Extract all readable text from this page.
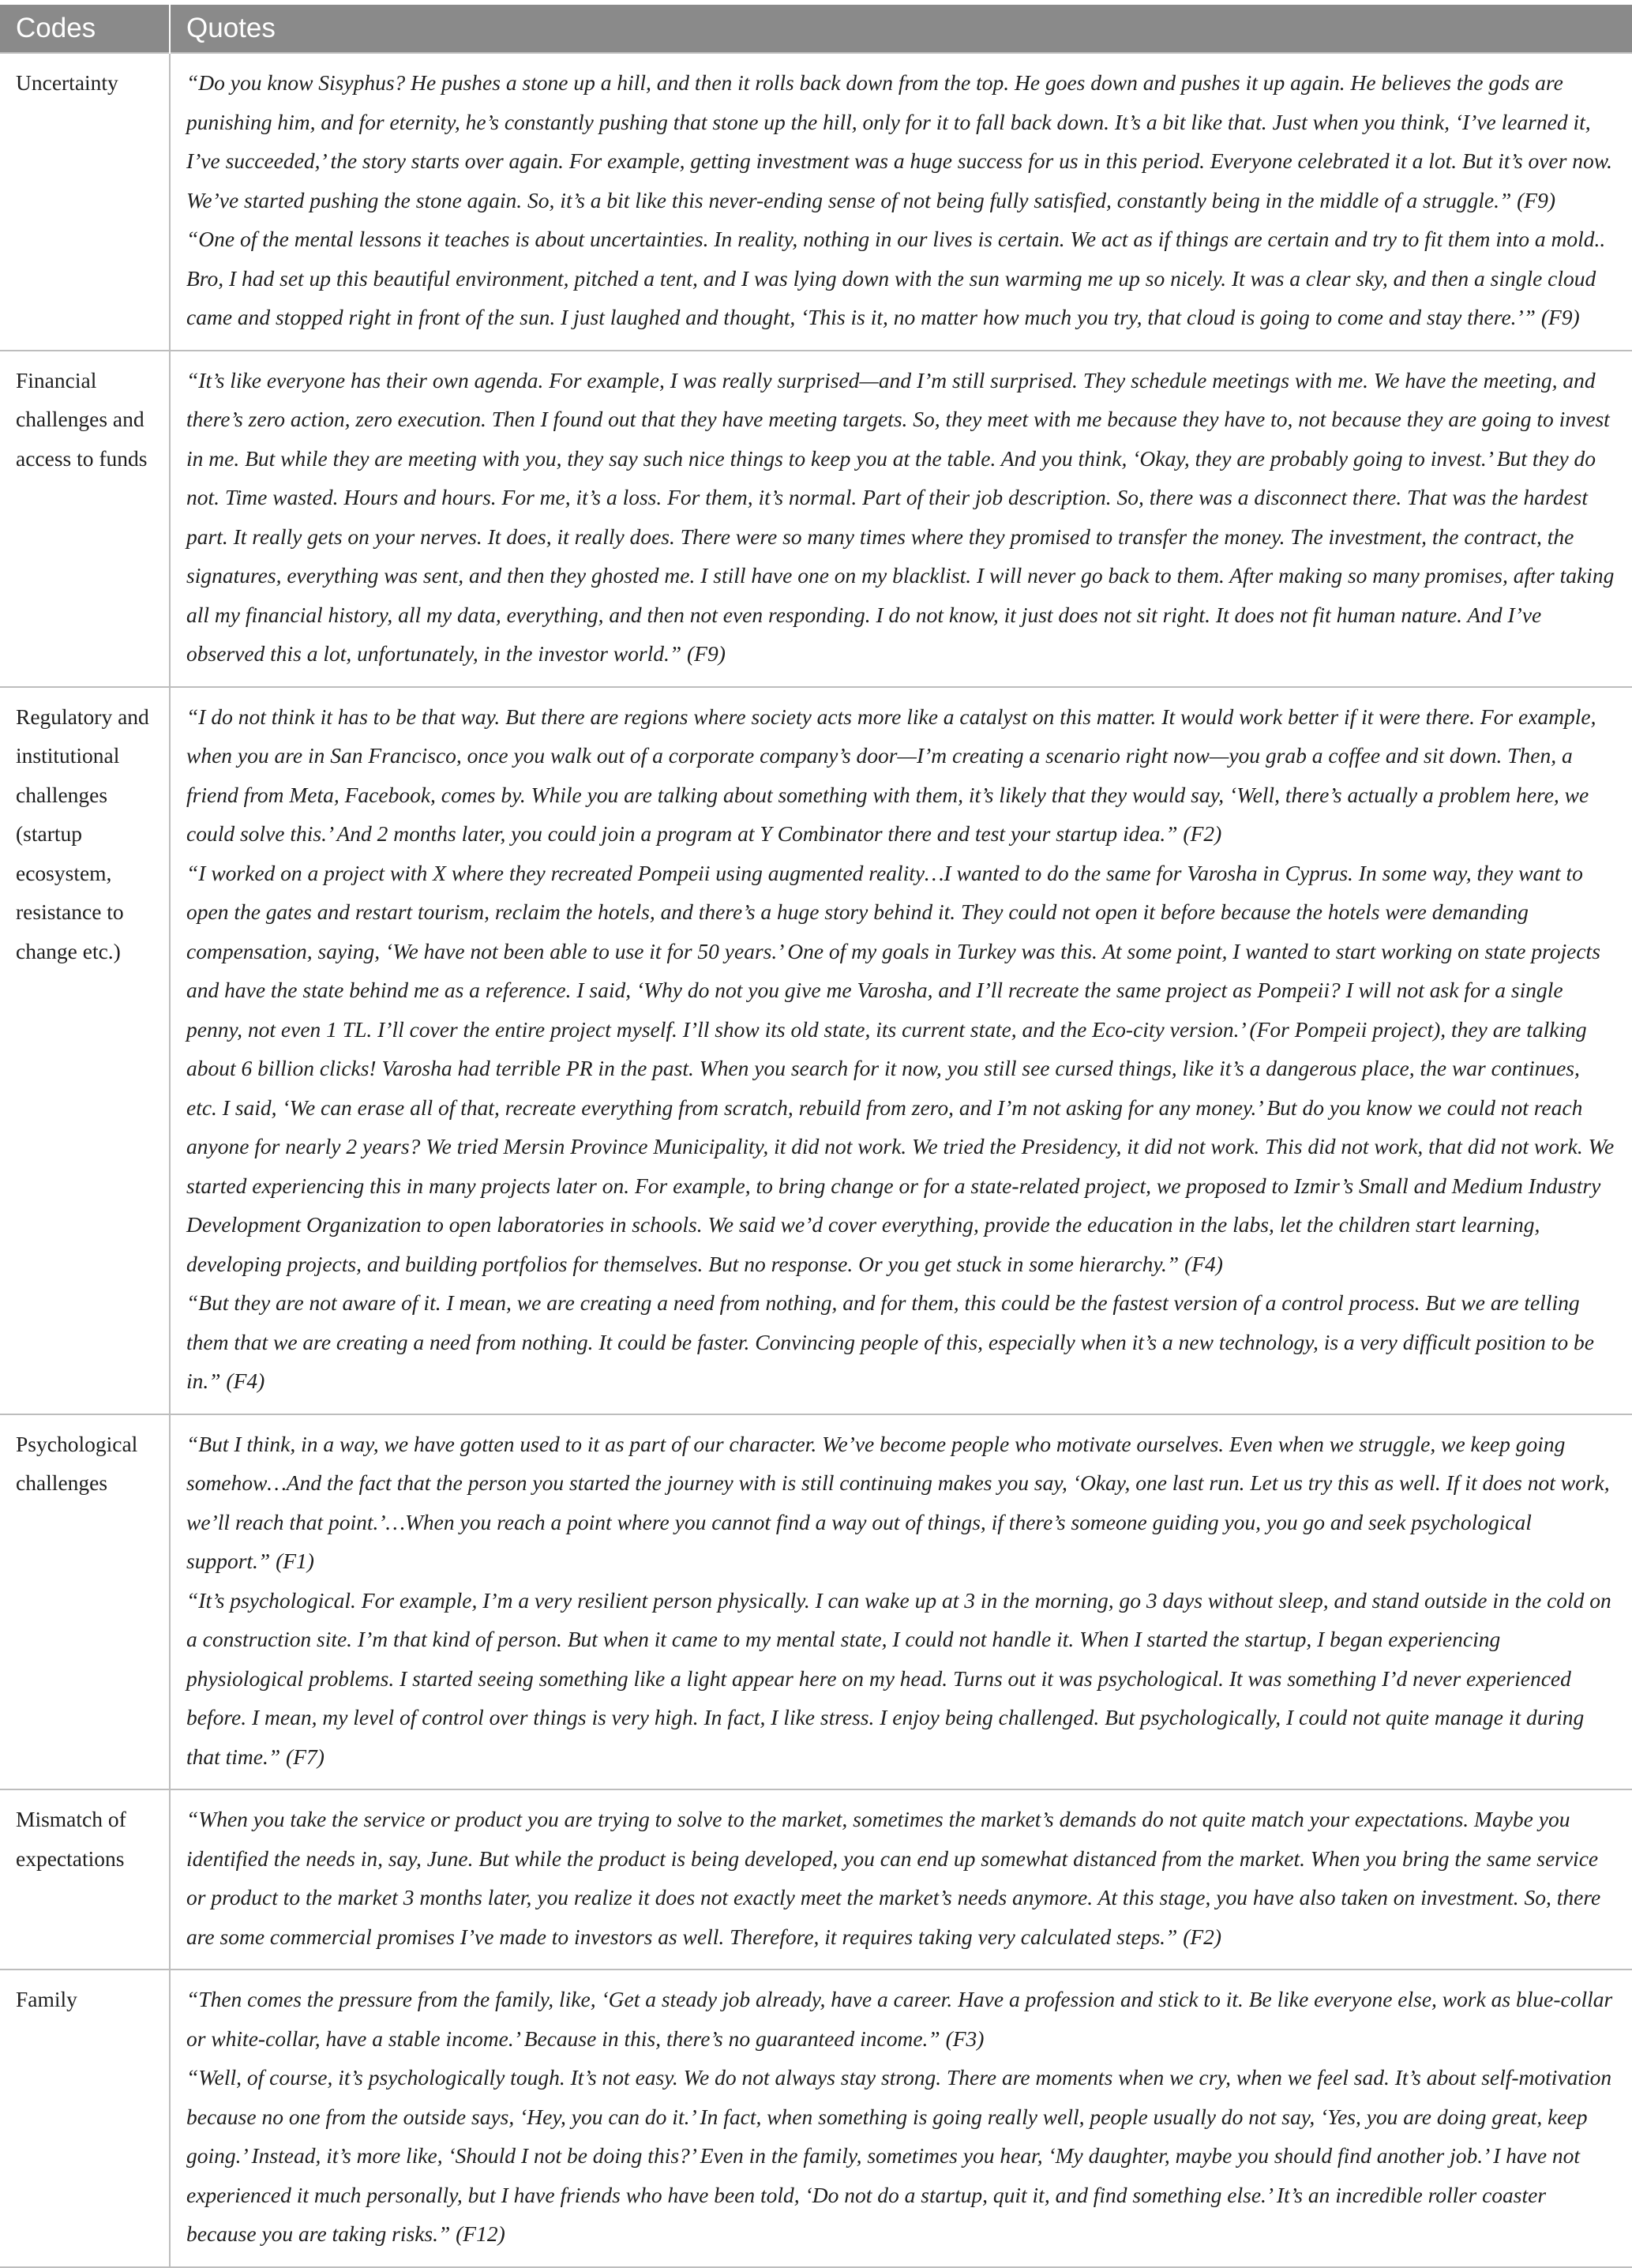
Codes	Quotes
Uncertainty	“Do you know Sisyphus? He pushes a stone up a hill, and then it rolls back down from the top. He goes down and pushes it up again. He believes the gods are punishing him, and for eternity, he’s constantly pushing that stone up the hill, only for it to fall back down. It’s a bit like that. Just when you think, ‘I’ve learned it, I’ve succeeded,’ the story starts over again. For example, getting investment was a huge success for us in this period. Everyone celebrated it a lot. But it’s over now. We’ve started pushing the stone again. So, it’s a bit like this never-ending sense of not being fully satisfied, constantly being in the middle of a struggle.” (F9)
“One of the mental lessons it teaches is about uncertainties. In reality, nothing in our lives is certain. We act as if things are certain and try to fit them into a mold.. Bro, I had set up this beautiful environment, pitched a tent, and I was lying down with the sun warming me up so nicely. It was a clear sky, and then a single cloud came and stopped right in front of the sun. I just laughed and thought, ‘This is it, no matter how much you try, that cloud is going to come and stay there.’” (F9)

Financial challenges and access to funds	“It’s like everyone has their own agenda. For example, I was really surprised—and I’m still surprised. They schedule meetings with me. We have the meeting, and there’s zero action, zero execution. Then I found out that they have meeting targets. So, they meet with me because they have to, not because they are going to invest in me. But while they are meeting with you, they say such nice things to keep you at the table. And you think, ‘Okay, they are probably going to invest.’ But they do not. Time wasted. Hours and hours. For me, it’s a loss. For them, it’s normal. Part of their job description. So, there was a disconnect there. That was the hardest part. It really gets on your nerves. It does, it really does. There were so many times where they promised to transfer the money. The investment, the contract, the signatures, everything was sent, and then they ghosted me. I still have one on my blacklist. I will never go back to them. After making so many promises, after taking all my financial history, all my data, everything, and then not even responding. I do not know, it just does not sit right. It does not fit human nature. And I’ve observed this a lot, unfortunately, in the investor world.” (F9)

Regulatory and institutional challenges (startup ecosystem, resistance to change etc.)	“I do not think it has to be that way. But there are regions where society acts more like a catalyst on this matter. It would work better if it were there. For example, when you are in San Francisco, once you walk out of a corporate company’s door—I’m creating a scenario right now—you grab a coffee and sit down. Then, a friend from Meta, Facebook, comes by. While you are talking about something with them, it’s likely that they would say, ‘Well, there’s actually a problem here, we could solve this.’ And 2 months later, you could join a program at Y Combinator there and test your startup idea.” (F2)
“I worked on a project with X where they recreated Pompeii using augmented reality…I wanted to do the same for Varosha in Cyprus. In some way, they want to open the gates and restart tourism, reclaim the hotels, and there’s a huge story behind it. They could not open it before because the hotels were demanding compensation, saying, ‘We have not been able to use it for 50 years.’ One of my goals in Turkey was this. At some point, I wanted to start working on state projects and have the state behind me as a reference. I said, ‘Why do not you give me Varosha, and I’ll recreate the same project as Pompeii? I will not ask for a single penny, not even 1 TL. I’ll cover the entire project myself. I’ll show its old state, its current state, and the Eco-city version.’ (For Pompeii project), they are talking about 6 billion clicks! Varosha had terrible PR in the past. When you search for it now, you still see cursed things, like it’s a dangerous place, the war continues, etc. I said, ‘We can erase all of that, recreate everything from scratch, rebuild from zero, and I’m not asking for any money.’ But do you know we could not reach anyone for nearly 2 years? We tried Mersin Province Municipality, it did not work. We tried the Presidency, it did not work. This did not work, that did not work. We started experiencing this in many projects later on. For example, to bring change or for a state-related project, we proposed to Izmir’s Small and Medium Industry Development Organization to open laboratories in schools. We said we’d cover everything, provide the education in the labs, let the children start learning, developing projects, and building portfolios for themselves. But no response. Or you get stuck in some hierarchy.” (F4)
“But they are not aware of it. I mean, we are creating a need from nothing, and for them, this could be the fastest version of a control process. But we are telling them that we are creating a need from nothing. It could be faster. Convincing people of this, especially when it’s a new technology, is a very difficult position to be in.” (F4)

Psychological challenges	“But I think, in a way, we have gotten used to it as part of our character. We’ve become people who motivate ourselves. Even when we struggle, we keep going somehow…And the fact that the person you started the journey with is still continuing makes you say, ‘Okay, one last run. Let us try this as well. If it does not work, we’ll reach that point.’…When you reach a point where you cannot find a way out of things, if there’s someone guiding you, you go and seek psychological support.” (F1)
“It’s psychological. For example, I’m a very resilient person physically. I can wake up at 3 in the morning, go 3 days without sleep, and stand outside in the cold on a construction site. I’m that kind of person. But when it came to my mental state, I could not handle it. When I started the startup, I began experiencing physiological problems. I started seeing something like a light appear here on my head. Turns out it was psychological. It was something I’d never experienced before. I mean, my level of control over things is very high. In fact, I like stress. I enjoy being challenged. But psychologically, I could not quite manage it during that time.” (F7)

Mismatch of expectations	“When you take the service or product you are trying to solve to the market, sometimes the market’s demands do not quite match your expectations. Maybe you identified the needs in, say, June. But while the product is being developed, you can end up somewhat distanced from the market. When you bring the same service or product to the market 3 months later, you realize it does not exactly meet the market’s needs anymore. At this stage, you have also taken on investment. So, there are some commercial promises I’ve made to investors as well. Therefore, it requires taking very calculated steps.” (F2)

Family	“Then comes the pressure from the family, like, ‘Get a steady job already, have a career. Have a profession and stick to it. Be like everyone else, work as blue-collar or white-collar, have a stable income.’ Because in this, there’s no guaranteed income.” (F3)
“Well, of course, it’s psychologically tough. It’s not easy. We do not always stay strong. There are moments when we cry, when we feel sad. It’s about self-motivation because no one from the outside says, ‘Hey, you can do it.’ In fact, when something is going really well, people usually do not say, ‘Yes, you are doing great, keep going.’ Instead, it’s more like, ‘Should I not be doing this?’ Even in the family, sometimes you hear, ‘My daughter, maybe you should find another job.’ I have not experienced it much personally, but I have friends who have been told, ‘Do not do a startup, quit it, and find something else.’ It’s an incredible roller coaster because you are taking risks.” (F12)
